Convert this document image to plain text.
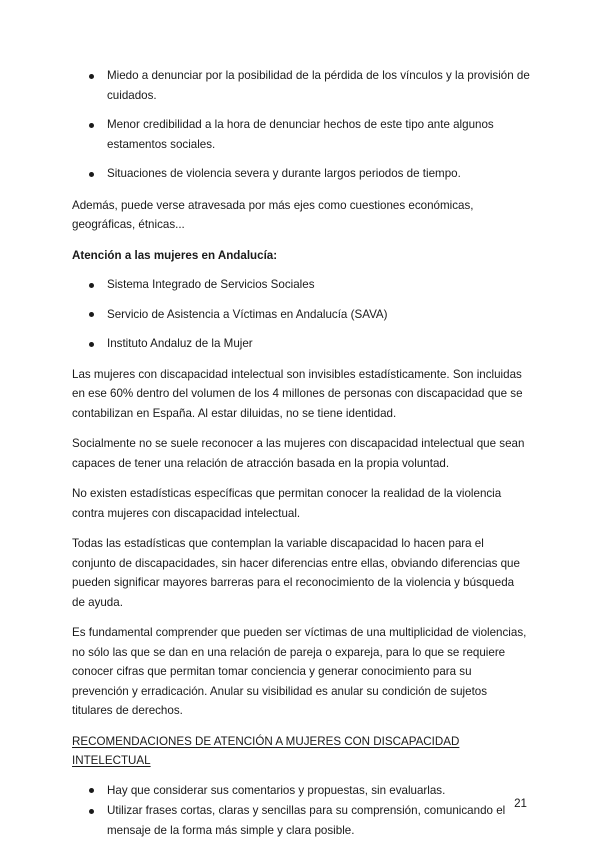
Miedo a denunciar por la posibilidad de la pérdida de los vínculos y la provisión de cuidados.
Menor credibilidad a la hora de denunciar hechos de este tipo ante algunos estamentos sociales.
Situaciones de violencia severa y durante largos periodos de tiempo.

Además, puede verse atravesada por más ejes como cuestiones económicas, geográficas, étnicas...

Atención a las mujeres en Andalucía:

Sistema Integrado de Servicios Sociales
Servicio de Asistencia a Víctimas en Andalucía (SAVA)
Instituto Andaluz de la Mujer

Las mujeres con discapacidad intelectual son invisibles estadísticamente. Son incluidas en ese 60% dentro del volumen de los 4 millones de personas con discapacidad que se contabilizan en España. Al estar diluidas, no se tiene identidad.

Socialmente no se suele reconocer a las mujeres con discapacidad intelectual que sean capaces de tener una relación de atracción basada en la propia voluntad.

No existen estadísticas específicas que permitan conocer la realidad de la violencia contra mujeres con discapacidad intelectual.

Todas las estadísticas que contemplan la variable discapacidad lo hacen para el conjunto de discapacidades, sin hacer diferencias entre ellas, obviando diferencias que pueden significar mayores barreras para el reconocimiento de la violencia y búsqueda de ayuda.

Es fundamental comprender que pueden ser víctimas de una multiplicidad de violencias, no sólo las que se dan en una relación de pareja o expareja, para lo que se requiere conocer cifras que permitan tomar conciencia y generar conocimiento para su prevención y erradicación. Anular su visibilidad es anular su condición de sujetos titulares de derechos.

RECOMENDACIONES DE ATENCIÓN A MUJERES CON DISCAPACIDAD INTELECTUAL

Hay que considerar sus comentarios y propuestas, sin evaluarlas.
Utilizar frases cortas, claras y sencillas para su comprensión, comunicando el mensaje de la forma más simple y clara posible.
21
